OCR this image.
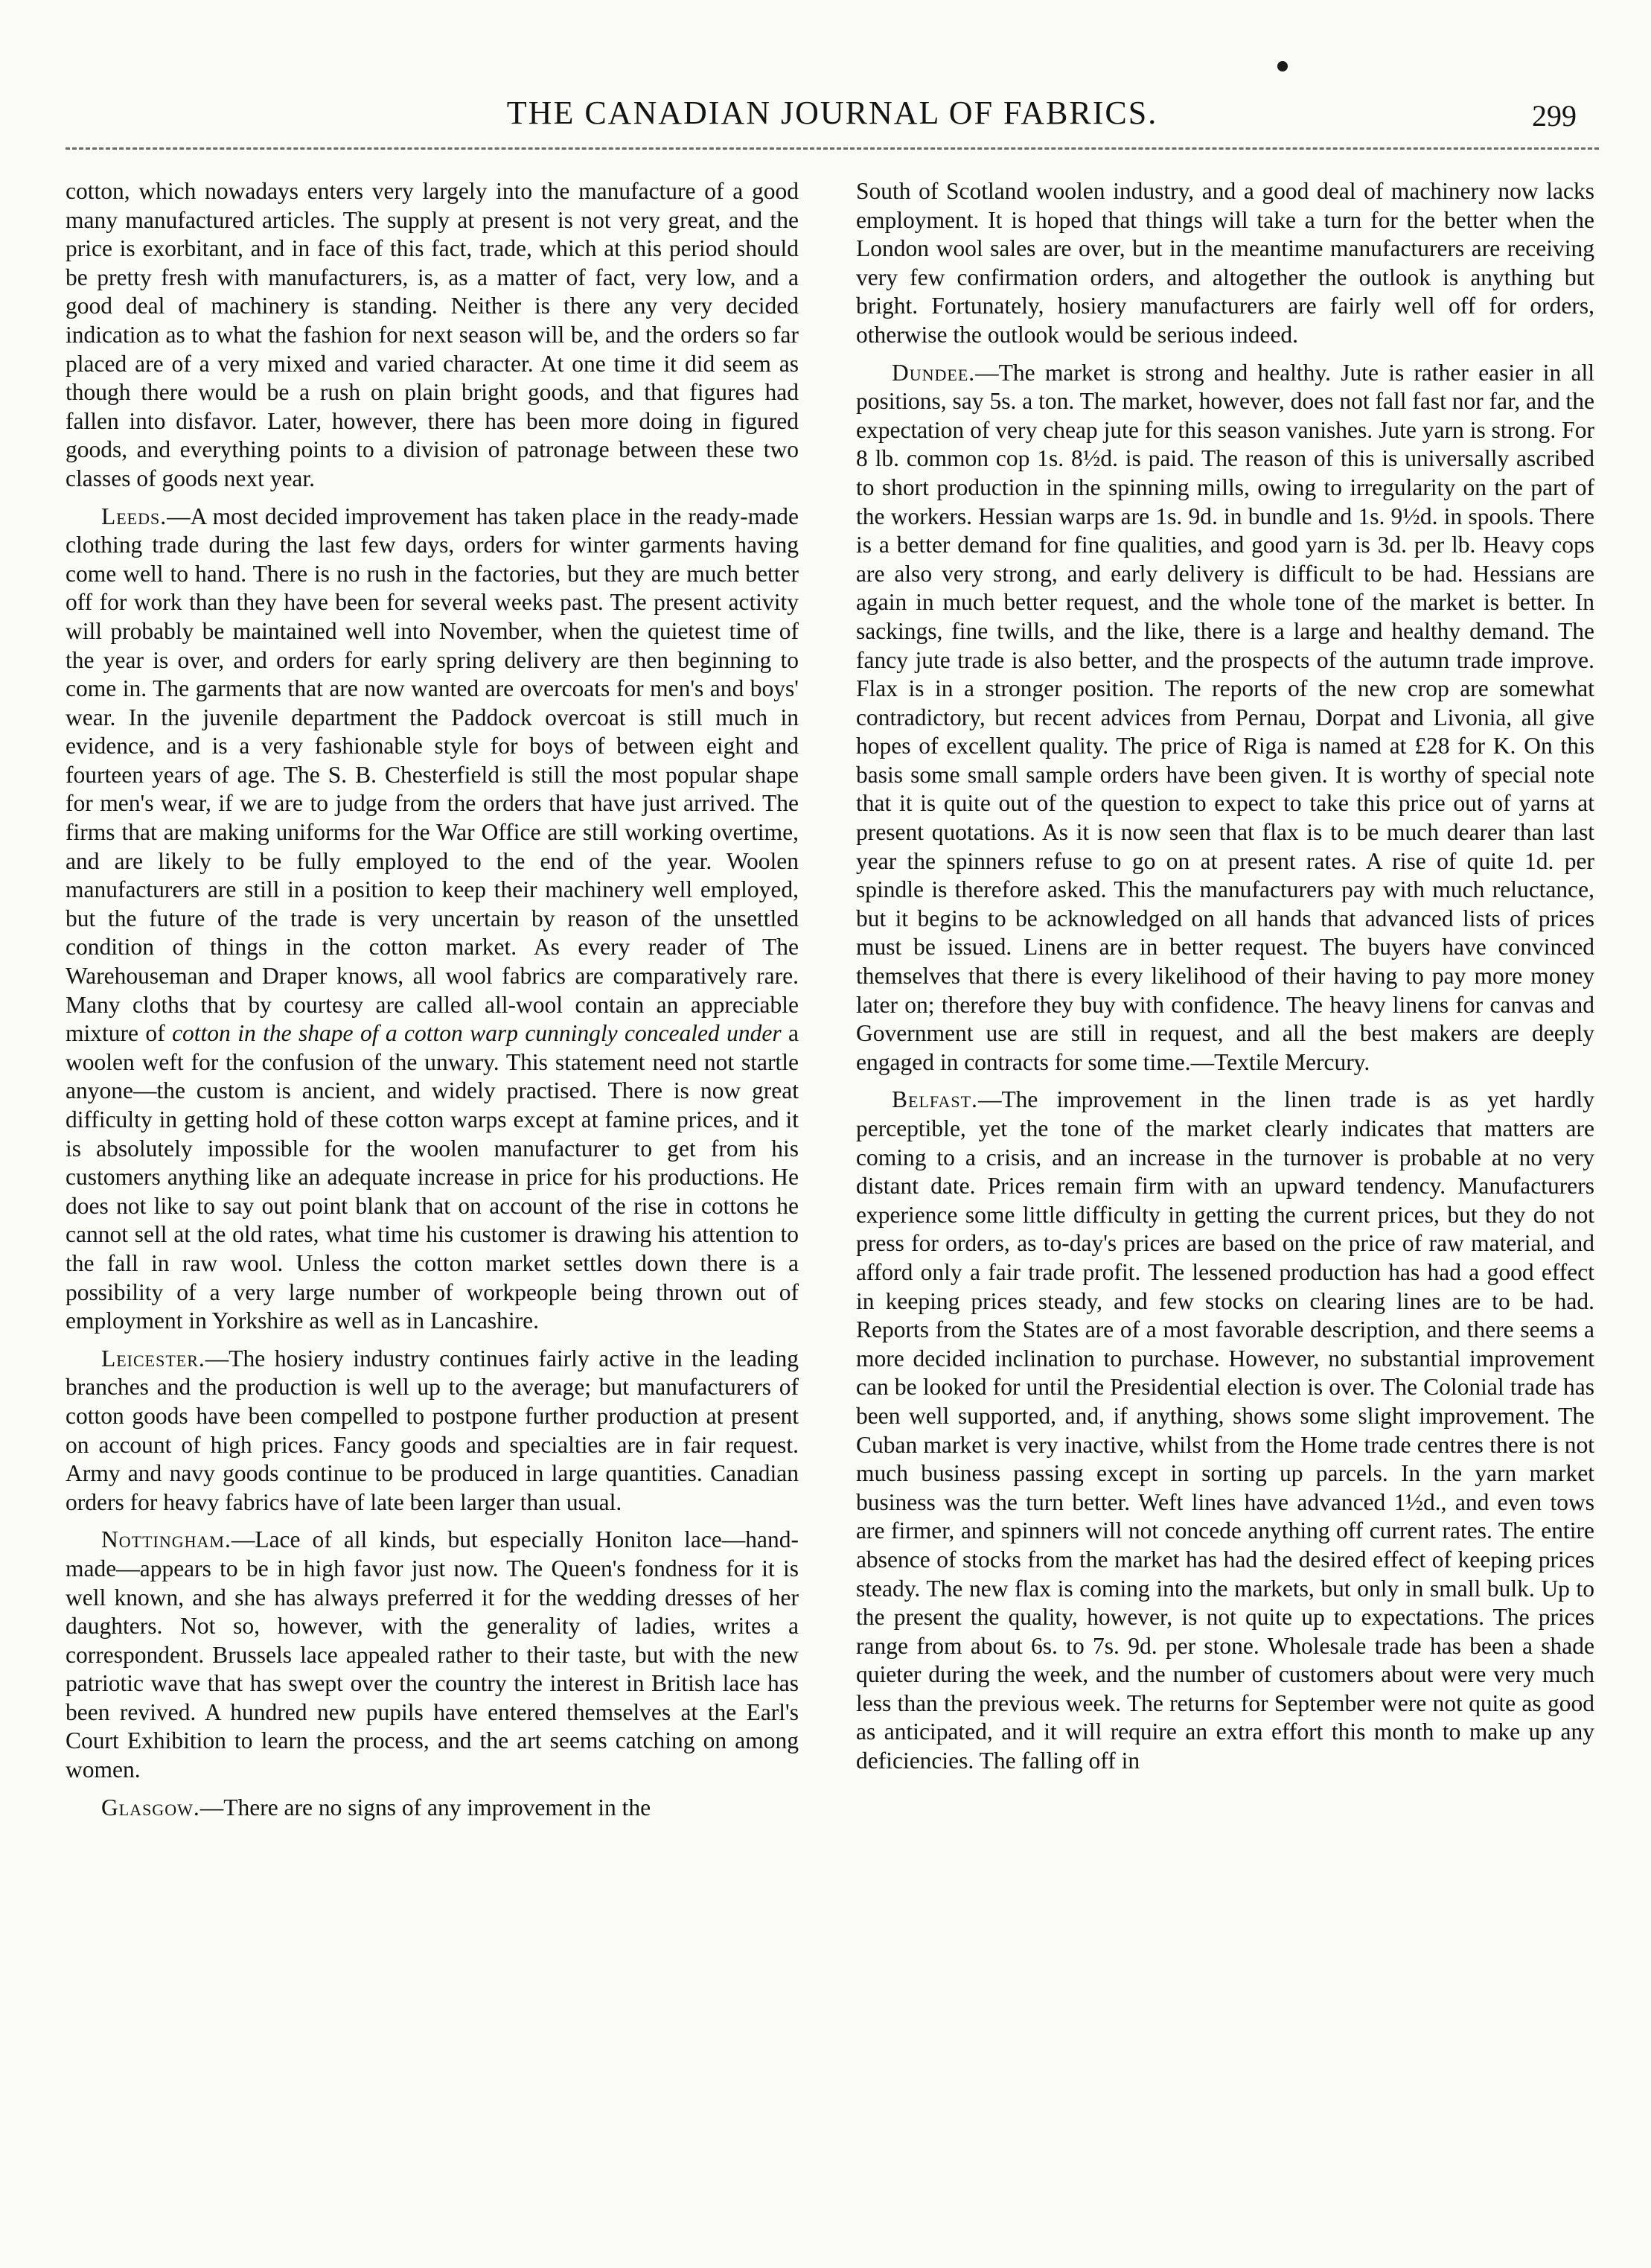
THE CANADIAN JOURNAL OF FABRICS.	299

cotton, which nowadays enters very largely into the manufacture of a good many manufactured articles. The supply at present is not very great, and the price is exorbitant, and in face of this fact, trade, which at this period should be pretty fresh with manufacturers, is, as a matter of fact, very low, and a good deal of machinery is standing. Neither is there any very decided indication as to what the fashion for next season will be, and the orders so far placed are of a very mixed and varied character. At one time it did seem as though there would be a rush on plain bright goods, and that figures had fallen into disfavor. Later, however, there has been more doing in figured goods, and everything points to a division of patronage between these two classes of goods next year.

Leeds.—A most decided improvement has taken place in the ready-made clothing trade during the last few days, orders for winter garments having come well to hand. There is no rush in the factories, but they are much better off for work than they have been for several weeks past. The present activity will probably be maintained well into November, when the quietest time of the year is over, and orders for early spring delivery are then beginning to come in. The garments that are now wanted are overcoats for men's and boys' wear. In the juvenile department the Paddock overcoat is still much in evidence, and is a very fashionable style for boys of between eight and fourteen years of age. The S. B. Chesterfield is still the most popular shape for men's wear, if we are to judge from the orders that have just arrived. The firms that are making uniforms for the War Office are still working overtime, and are likely to be fully employed to the end of the year. Woolen manufacturers are still in a position to keep their machinery well employed, but the future of the trade is very uncertain by reason of the unsettled condition of things in the cotton market. As every reader of The Warehouseman and Draper knows, all wool fabrics are comparatively rare. Many cloths that by courtesy are called all-wool contain an appreciable mixture of cotton in the shape of a cotton warp cunningly concealed under a woolen weft for the confusion of the unwary. This statement need not startle anyone—the custom is ancient, and widely practised. There is now great difficulty in getting hold of these cotton warps except at famine prices, and it is absolutely impossible for the woolen manufacturer to get from his customers anything like an adequate increase in price for his productions. He does not like to say out point blank that on account of the rise in cottons he cannot sell at the old rates, what time his customer is drawing his attention to the fall in raw wool. Unless the cotton market settles down there is a possibility of a very large number of workpeople being thrown out of employment in Yorkshire as well as in Lancashire.

Leicester.—The hosiery industry continues fairly active in the leading branches and the production is well up to the average; but manufacturers of cotton goods have been compelled to postpone further production at present on account of high prices. Fancy goods and specialties are in fair request. Army and navy goods continue to be produced in large quantities. Canadian orders for heavy fabrics have of late been larger than usual.

Nottingham.—Lace of all kinds, but especially Honiton lace—hand-made—appears to be in high favor just now. The Queen's fondness for it is well known, and she has always preferred it for the wedding dresses of her daughters. Not so, however, with the generality of ladies, writes a correspondent. Brussels lace appealed rather to their taste, but with the new patriotic wave that has swept over the country the interest in British lace has been revived. A hundred new pupils have entered themselves at the Earl's Court Exhibition to learn the process, and the art seems catching on among women.

Glasgow.—There are no signs of any improvement in the

South of Scotland woolen industry, and a good deal of machinery now lacks employment. It is hoped that things will take a turn for the better when the London wool sales are over, but in the meantime manufacturers are receiving very few confirmation orders, and altogether the outlook is anything but bright. Fortunately, hosiery manufacturers are fairly well off for orders, otherwise the outlook would be serious indeed.

Dundee.—The market is strong and healthy. Jute is rather easier in all positions, say 5s. a ton. The market, however, does not fall fast nor far, and the expectation of very cheap jute for this season vanishes. Jute yarn is strong. For 8 lb. common cop 1s. 8½d. is paid. The reason of this is universally ascribed to short production in the spinning mills, owing to irregularity on the part of the workers. Hessian warps are 1s. 9d. in bundle and 1s. 9½d. in spools. There is a better demand for fine qualities, and good yarn is 3d. per lb. Heavy cops are also very strong, and early delivery is difficult to be had. Hessians are again in much better request, and the whole tone of the market is better. In sackings, fine twills, and the like, there is a large and healthy demand. The fancy jute trade is also better, and the prospects of the autumn trade improve. Flax is in a stronger position. The reports of the new crop are somewhat contradictory, but recent advices from Pernau, Dorpat and Livonia, all give hopes of excellent quality. The price of Riga is named at £28 for K. On this basis some small sample orders have been given. It is worthy of special note that it is quite out of the question to expect to take this price out of yarns at present quotations. As it is now seen that flax is to be much dearer than last year the spinners refuse to go on at present rates. A rise of quite 1d. per spindle is therefore asked. This the manufacturers pay with much reluctance, but it begins to be acknowledged on all hands that advanced lists of prices must be issued. Linens are in better request. The buyers have convinced themselves that there is every likelihood of their having to pay more money later on; therefore they buy with confidence. The heavy linens for canvas and Government use are still in request, and all the best makers are deeply engaged in contracts for some time.—Textile Mercury.

Belfast.—The improvement in the linen trade is as yet hardly perceptible, yet the tone of the market clearly indicates that matters are coming to a crisis, and an increase in the turnover is probable at no very distant date. Prices remain firm with an upward tendency. Manufacturers experience some little difficulty in getting the current prices, but they do not press for orders, as to-day's prices are based on the price of raw material, and afford only a fair trade profit. The lessened production has had a good effect in keeping prices steady, and few stocks on clearing lines are to be had. Reports from the States are of a most favorable description, and there seems a more decided inclination to purchase. However, no substantial improvement can be looked for until the Presidential election is over. The Colonial trade has been well supported, and, if anything, shows some slight improvement. The Cuban market is very inactive, whilst from the Home trade centres there is not much business passing except in sorting up parcels. In the yarn market business was the turn better. Weft lines have advanced 1½d., and even tows are firmer, and spinners will not concede anything off current rates. The entire absence of stocks from the market has had the desired effect of keeping prices steady. The new flax is coming into the markets, but only in small bulk. Up to the present the quality, however, is not quite up to expectations. The prices range from about 6s. to 7s. 9d. per stone. Wholesale trade has been a shade quieter during the week, and the number of customers about were very much less than the previous week. The returns for September were not quite as good as anticipated, and it will require an extra effort this month to make up any deficiencies. The falling off in
